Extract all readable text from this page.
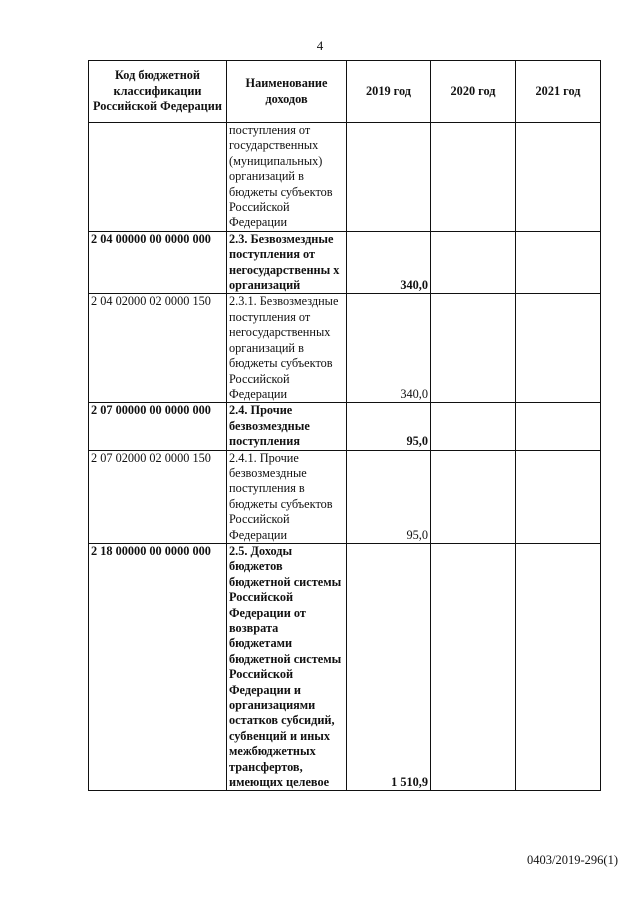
4
Код бюджетной классификации Российской Федерации	Наименование доходов	2019 год	2020 год	2021 год
	поступления от государственных (муниципальных) организаций в бюджеты субъектов Российской Федерации			
2 04 00000 00 0000 000	2.3. Безвозмездные поступления от негосударственны х организаций	340,0		
2 04 02000 02 0000 150	2.3.1. Безвозмездные поступления от негосударственных организаций в бюджеты субъектов Российской Федерации	340,0		
2 07 00000 00 0000 000	2.4. Прочие безвозмездные поступления	95,0		
2 07 02000 02 0000 150	2.4.1. Прочие безвозмездные поступления в бюджеты субъектов Российской Федерации	95,0		
2 18 00000 00 0000 000	2.5. Доходы бюджетов бюджетной системы Российской Федерации от возврата бюджетами бюджетной системы Российской Федерации и организациями остатков субсидий, субвенций и иных межбюджетных трансфертов, имеющих целевое	1 510,9		
0403/2019-296(1)
